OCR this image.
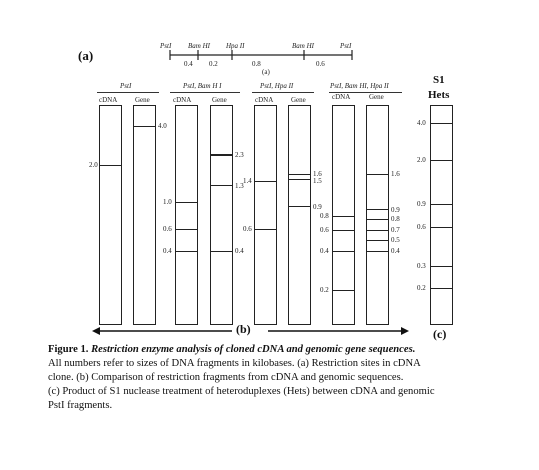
(a)
PstI Bam HI Hpa II	Bam HI	PstI
0.4 0.2	0.8	0.6
(a)
PstI	PstI, Bam H I	PstI, Hpa II	PstI, Bam HI, Hpa II
cDNA	Gene	cDNA	Gene	cDNA	Gene	cDNA	Gene
2.0
4.0
1.0
0.6
0.4
2.3
1.3
0.4
1.4
0.6
1.6
1.5
0.9
0.8
0.6
0.4
0.2
1.6
0.9
0.8
0.7
0.5
0.4
(b)
S1
Hets
4.0
2.0
0.9
0.6
0.3
0.2
(c)
Figure 1. Restriction enzyme analysis of cloned cDNA and genomic gene sequences.
All numbers refer to sizes of DNA fragments in kilobases. (a) Restriction sites in cDNA
clone. (b) Comparison of restriction fragments from cDNA and genomic sequences.
(c) Product of S1 nuclease treatment of heteroduplexes (Hets) between cDNA and genomic
PstI fragments.
